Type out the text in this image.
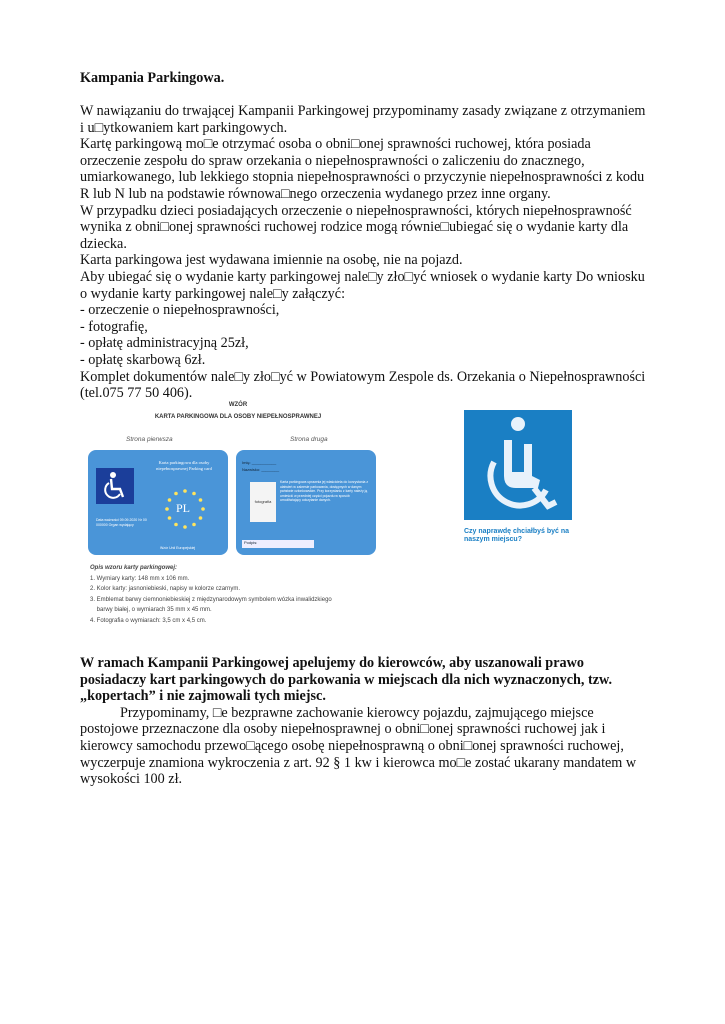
Kampania Parkingowa.

W nawiązaniu do trwającej Kampanii Parkingowej przypominamy zasady związane z otrzymaniem i u□ytkowaniem kart parkingowych.

Kartę parkingową mo□e otrzymać osoba o obni□onej sprawności ruchowej, która posiada orzeczenie zespołu do spraw orzekania o niepełnosprawności o zaliczeniu do znacznego, umiarkowanego, lub lekkiego stopnia niepełnosprawności o przyczynie niepełnosprawności z kodu R lub N lub na podstawie równowa□nego orzeczenia wydanego przez inne organy.

W przypadku dzieci posiadających orzeczenie o niepełnosprawności, których niepełnosprawność wynika z obni□onej sprawności ruchowej rodzice mogą równie□ubiegać się o wydanie karty dla dziecka.

Karta parkingowa jest wydawana imiennie na osobę, nie na pojazd.

Aby ubiegać się o wydanie karty parkingowej nale□y zło□yć wniosek o wydanie karty Do wniosku o wydanie karty parkingowej nale□y załączyć:

- orzeczenie o niepełnosprawności,

- fotografię,

- opłatę administracyjną 25zł,

- opłatę skarbową 6zł.

Komplet dokumentów nale□y zło□yć w Powiatowym Zespole ds. Orzekania o Niepełnosprawności (tel.075 77 50 406).

WZÓR
KARTA PARKINGOWA DLA OSOBY NIEPEŁNOSPRAWNEJ
Strona pierwsza	Strona druga
Karta parkingowa dla osoby niepełnosprawnej Parking card
PL
Data ważności 09.09.2020 Nr 00 000000 Organ wydający
Wzór Unii Europejskiej
Imię: ___________
Nazwisko: ________
fotografia
Karta parkingowa uprawnia jej właściciela do korzystania z ułatwień w zakresie parkowania, dostępnych w danym państwie członkowskim. Przy korzystaniu z karty należy ją umieścić w przedniej części pojazdu w sposób umożliwiający odczytanie danych.
Podpis:
Opis wzoru karty parkingowej:
1. Wymiary karty: 148 mm x 106 mm.
2. Kolor karty: jasnoniebieski, napisy w kolorze czarnym.
3. Emblemat barwy ciemnoniebieskiej z międzynarodowym symbolem wózka inwalidzkiego
barwy białej, o wymiarach 35 mm x 45 mm.
4. Fotografia o wymiarach: 3,5 cm x 4,5 cm.
Czy naprawdę chciałbyś być na naszym miejscu?

W ramach Kampanii Parkingowej apelujemy do kierowców, aby uszanowali prawo posiadaczy kart parkingowych do parkowania w miejscach dla nich wyznaczonych, tzw. „kopertach” i nie zajmowali tych miejsc.

Przypominamy, □e bezprawne zachowanie kierowcy pojazdu, zajmującego miejsce postojowe przeznaczone dla osoby niepełnosprawnej o obni□onej sprawności ruchowej jak i kierowcy samochodu przewo□ącego osobę niepełnosprawną o obni□onej sprawności ruchowej, wyczerpuje znamiona wykroczenia z art. 92 § 1 kw i kierowca mo□e zostać ukarany mandatem w wysokości 100 zł.
